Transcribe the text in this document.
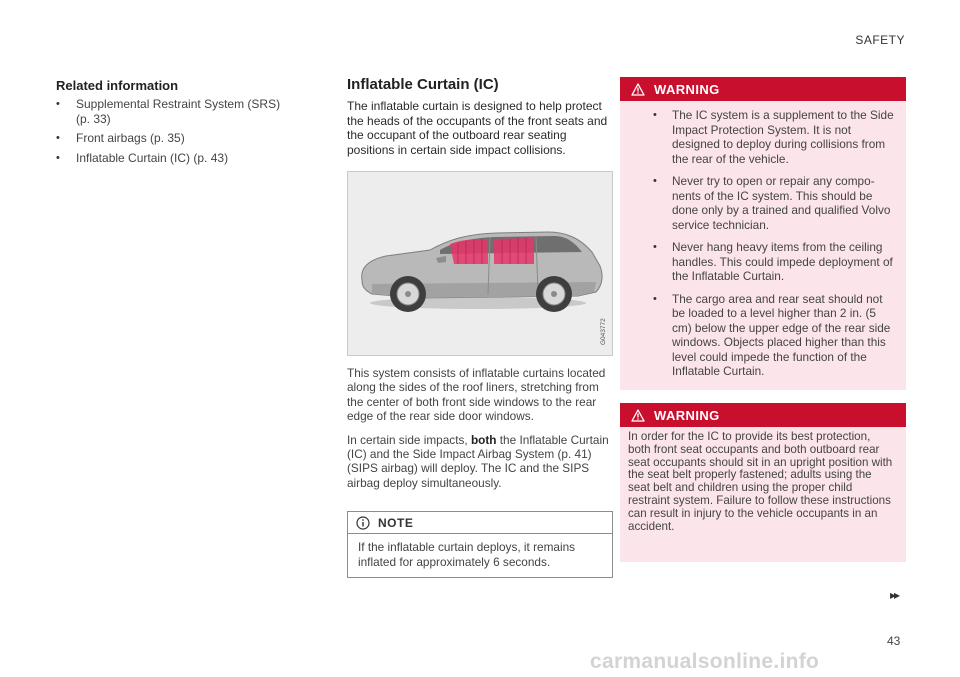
SAFETY
Related information
• Supplemental Restraint System (SRS) (p. 33)
• Front airbags (p. 35)
• Inflatable Curtain (IC) (p. 43)
Inflatable Curtain (IC)

The inflatable curtain is designed to help protect the heads of the occupants of the front seats and the occupant of the outboard rear seating positions in certain side impact collisions.

G043772

This system consists of inflatable curtains located along the sides of the roof liners, stretching from the center of both front side windows to the rear edge of the rear side door windows.

In certain side impacts, both the Inflatable Curtain (IC) and the Side Impact Airbag System (p. 41) (SIPS airbag) will deploy. The IC and the SIPS airbag deploy simultaneously.

NOTE
If the inflatable curtain deploys, it remains inflated for approximately 6 seconds.
WARNING
• The IC system is a supplement to the Side Impact Protection System. It is not designed to deploy during collisions from the rear of the vehicle.
• Never try to open or repair any components of the IC system. This should be done only by a trained and qualified Volvo service technician.
• Never hang heavy items from the ceiling handles. This could impede deployment of the Inflatable Curtain.
• The cargo area and rear seat should not be loaded to a level higher than 2 in. (5 cm) below the upper edge of the rear side windows. Objects placed higher than this level could impede the function of the Inflatable Curtain.
WARNING
In order for the IC to provide its best protection, both front seat occupants and both outboard rear seat occupants should sit in an upright position with the seat belt properly fastened; adults using the seat belt and children using the proper child restraint system. Failure to follow these instructions can result in injury to the vehicle occupants in an accident.
▸▸
43
carmanualsonline.info
